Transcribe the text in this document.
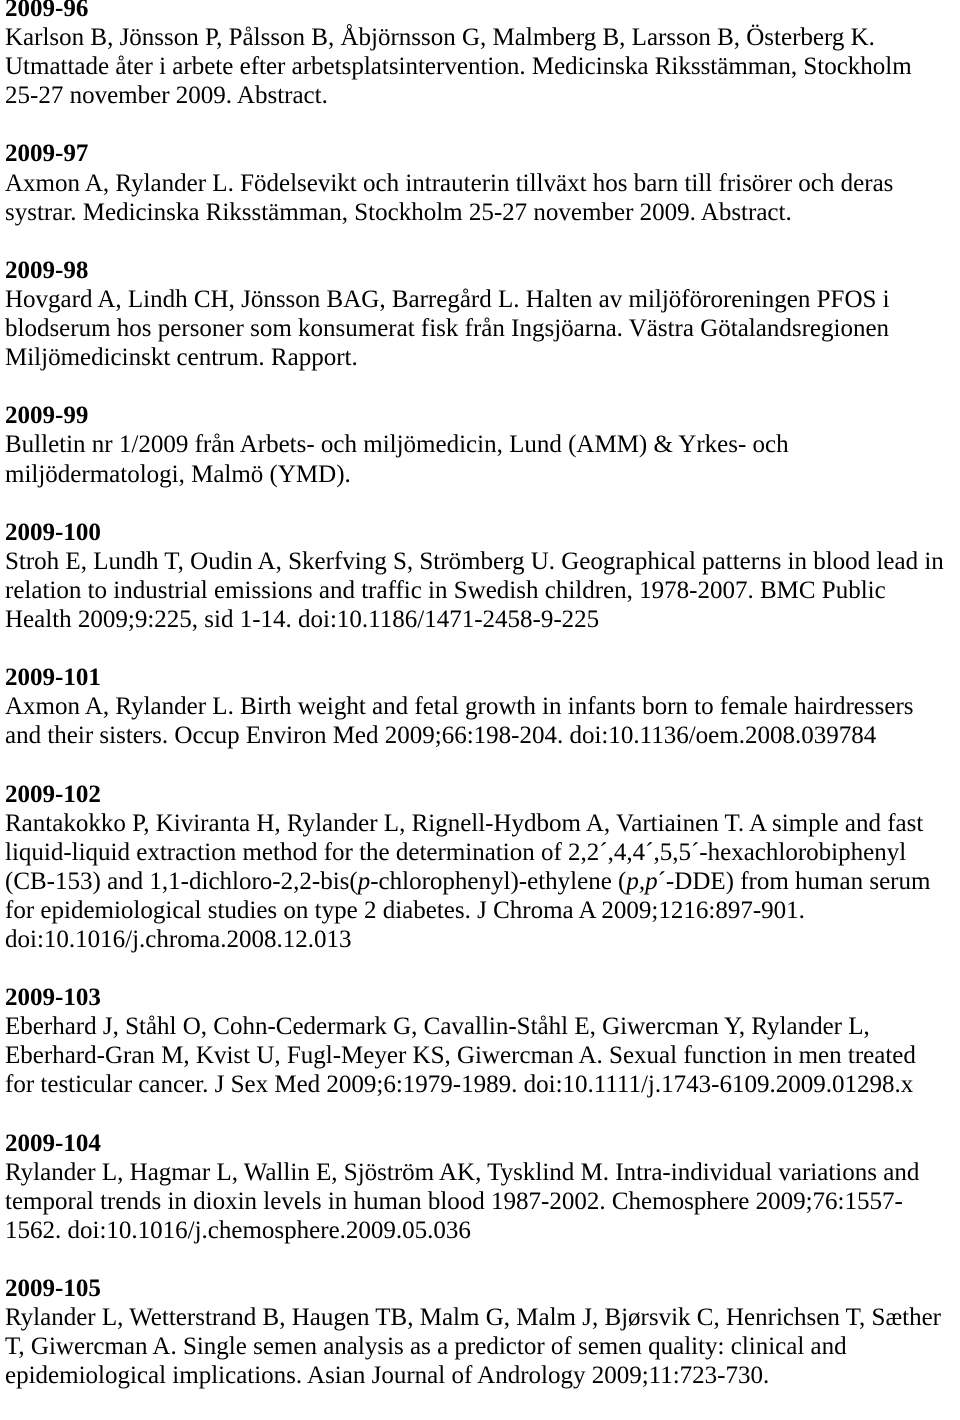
2009-96
Karlson B, Jönsson P, Pålsson B, Åbjörnsson G, Malmberg B, Larsson B, Österberg K.
Utmattade åter i arbete efter arbetsplatsintervention. Medicinska Riksstämman, Stockholm
25-27 november 2009. Abstract.
2009-97
Axmon A, Rylander L. Födelsevikt och intrauterin tillväxt hos barn till frisörer och deras
systrar. Medicinska Riksstämman, Stockholm 25-27 november 2009. Abstract.
2009-98
Hovgard A, Lindh CH, Jönsson BAG, Barregård L. Halten av miljöföroreningen PFOS i
blodserum hos personer som konsumerat fisk från Ingsjöarna. Västra Götalandsregionen
Miljömedicinskt centrum. Rapport.
2009-99
Bulletin nr 1/2009 från Arbets- och miljömedicin, Lund (AMM) & Yrkes- och
miljödermatologi, Malmö (YMD).
2009-100
Stroh E, Lundh T, Oudin A, Skerfving S, Strömberg U. Geographical patterns in blood lead in
relation to industrial emissions and traffic in Swedish children, 1978-2007. BMC Public
Health 2009;9:225, sid 1-14. doi:10.1186/1471-2458-9-225
2009-101
Axmon A, Rylander L. Birth weight and fetal growth in infants born to female hairdressers
and their sisters. Occup Environ Med 2009;66:198-204. doi:10.1136/oem.2008.039784
2009-102
Rantakokko P, Kiviranta H, Rylander L, Rignell-Hydbom A, Vartiainen T. A simple and fast
liquid-liquid extraction method for the determination of 2,2´,4,4´,5,5´-hexachlorobiphenyl
(CB-153) and 1,1-dichloro-2,2-bis(p-chlorophenyl)-ethylene (p,p´-DDE) from human serum
for epidemiological studies on type 2 diabetes. J Chroma A 2009;1216:897-901.
doi:10.1016/j.chroma.2008.12.013
2009-103
Eberhard J, Ståhl O, Cohn-Cedermark G, Cavallin-Ståhl E, Giwercman Y, Rylander L,
Eberhard-Gran M, Kvist U, Fugl-Meyer KS, Giwercman A. Sexual function in men treated
for testicular cancer. J Sex Med 2009;6:1979-1989. doi:10.1111/j.1743-6109.2009.01298.x
2009-104
Rylander L, Hagmar L, Wallin E, Sjöström AK, Tysklind M. Intra-individual variations and
temporal trends in dioxin levels in human blood 1987-2002. Chemosphere 2009;76:1557-
1562. doi:10.1016/j.chemosphere.2009.05.036
2009-105
Rylander L, Wetterstrand B, Haugen TB, Malm G, Malm J, Bjørsvik C, Henrichsen T, Sæther
T, Giwercman A. Single semen analysis as a predictor of semen quality: clinical and
epidemiological implications. Asian Journal of Andrology 2009;11:723-730.
